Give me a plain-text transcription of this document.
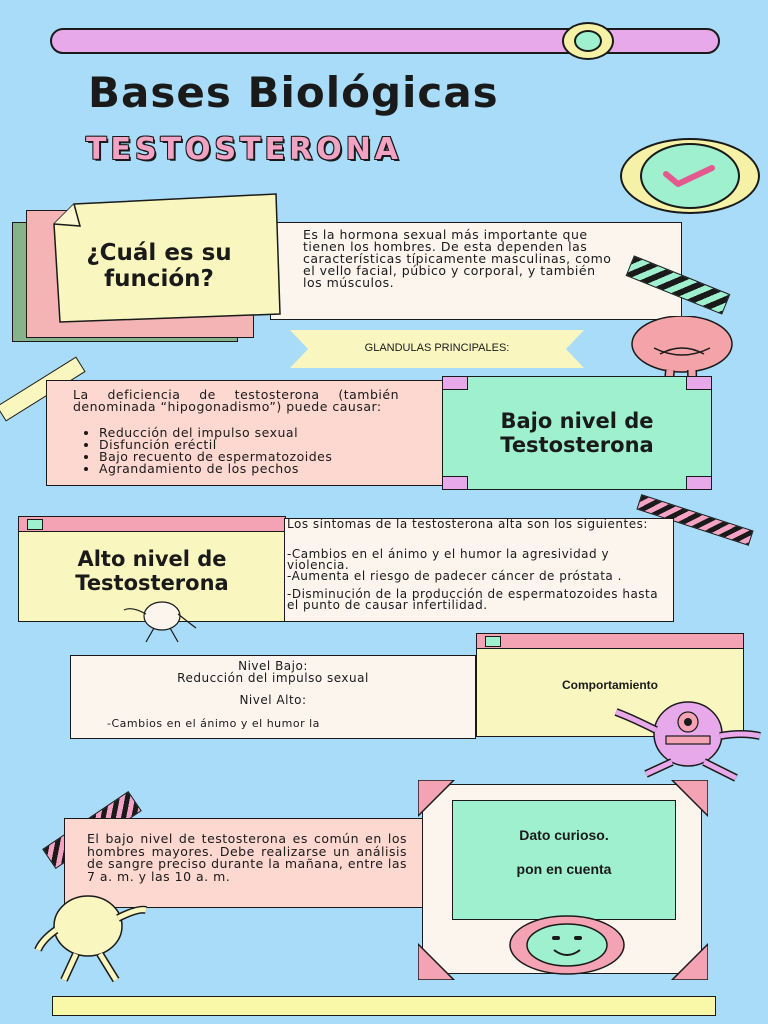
Bases Biológicas
TESTOSTERONA
Es la hormona sexual más importante que tienen los hombres. De esta dependen las características típicamente masculinas, como el vello facial, púbico y corporal, y también los músculos.
¿Cuál es su función?
GLANDULAS PRINCIPALES:
La deficiencia de testosterona (también denominada “hipogonadismo”) puede causar:
• Reducción del impulso sexual
• Disfunción eréctil
• Bajo recuento de espermatozoides
• Agrandamiento de los pechos
Bajo nivel de Testosterona
Alto nivel de Testosterona
Los síntomas de la testosterona alta son los siguientes:
-Cambios en el ánimo y el humor la agresividad y violencia.
-Aumenta el riesgo de padecer cáncer de próstata .
-Disminución de la producción de espermatozoides hasta el punto de causar infertilidad.
Nivel Bajo:
Reducción del impulso sexual
Nivel Alto:
-Cambios en el ánimo y el humor la
Comportamiento
El bajo nivel de testosterona es común en los hombres mayores. Debe realizarse un análisis de sangre preciso durante la mañana, entre las 7 a. m. y las 10 a. m.
Dato curioso.
pon en cuenta
